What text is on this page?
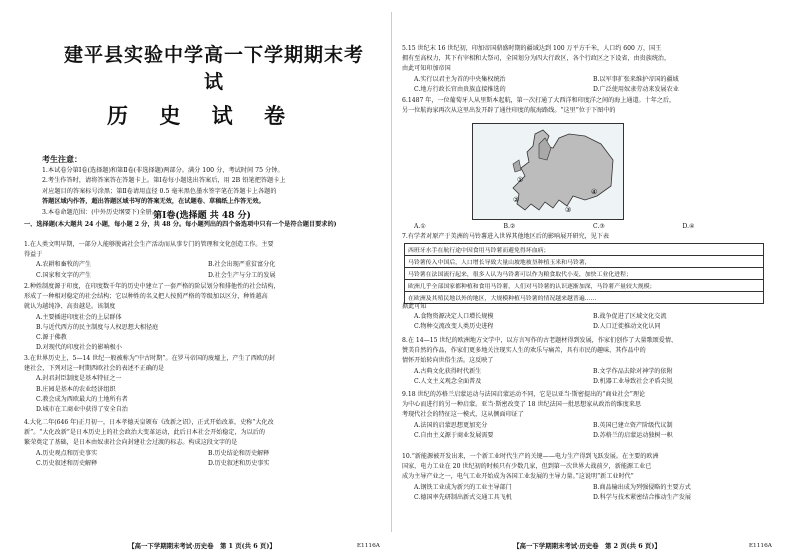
建平县实验中学高一下学期期末考试
历 史 试 卷
考生注意：
1.本试卷分第Ⅰ卷(选择题)和第Ⅱ卷(非选择题)两部分。满分 100 分，考试时间 75 分钟。
2.考生作答时，请将答案答在答题卡上。第Ⅰ卷每小题选出答案后，用 2B 铅笔把答题卡上
对应题目的答案标号涂黑；第Ⅱ卷请用直径 0.5 毫米黑色墨水签字笔在答题卡上各题的
答题区域内作答，超出答题区域书写的答案无效，在试题卷、草稿纸上作答无效。
3.本卷命题范围：(中外历史纲要下)全册。
第Ⅰ卷(选择题 共 48 分)
一、选择题(本大题共 24 小题，每小题 2 分，共 48 分。每小题列出的四个备选项中只有一个是符合题目要求的)
1.在人类文明早期，一部分人能够脱离社会生产活动而从事专门的管理和文化创造工作。主要
得益于
A.农耕和畜牧的产生	B.社会出现严重贫富分化
C.国家和文字的产生	D.社会生产与分工的发展
2.种姓制度源于印度，在印度数千年的历史中建立了一套严格的阶层划分和排他性的社会结构，
形成了一种相对稳定的社会结构；它以种姓的名义把人按照严格的等级加以区分，种姓越高
就认为越纯净、高贵越是。该制度
A.主要插进印度社会的上层群体
B.与近代西方的民主制度与人权思想大相径庭
C.源于佛教
D.对现代的印度社会的影响极小
3.在世界历史上，5—14 世纪一般被称为“中古时期”。在罗马帝国的废墟上，产生了西欧的封
建社会，下列对这一时期西欧社会的表述不正确的是
A.封君封臣制度是基本特征之一
B.庄园是基本的农业经济组织
C.教会成为西欧最大的土地所有者
D.城市在工商业中获得了安全自治
4.大化二年(646 年)正月初一，日本孝德天皇颁布《改新之诏》，正式开始改革，史称“大化改
新”。“大化改新”是日本历史上的社会政治大变革运动，此后日本社会开始稳定，为以后的
繁荣奠定了基础，是日本由奴隶社会向封建社会过渡的标志。构成这段文字的是
A.历史观点和历史事实	B.历史结论和历史解释
C.历史叙述和历史解释	D.历史叙述和历史事实
【高一下学期期末考试·历史卷　第 1 页(共 6 页)】	E1116A
5.15 世纪末 16 世纪初，印加帝国鼎盛时期的疆域达到 100 万平方千米，人口约 600 万，国王
拥有至高权力，其下有宰相和大祭司，全国划分为四大行政区，各个行政区之下设省，由贵族统治，
由此可知印加帝国
A.实行以君主为首的中央集权统治	B.以军事扩张来维护帝国的疆域
C.地方行政长官由贵族直接推选的	D.广泛使用奴隶劳动来发展农业
6.1487 年，一位葡萄牙人从里斯本起航，第一次打通了大西洋和印度洋之间的海上通道。十年之后，
另一位航海家再次从这里出发开辟了通往印度的航海路线。“这里”位于下图中的
①
②
③
④
A.①	B.②	C.③	D.④
7.有学者对原产于美洲的马铃薯进入世界其他地区后的影响展开研究，见下表
西班牙水手在航行途中因食用马铃薯而避免得坏血病；
马铃薯传入中国后，人口增长导致大量山坡地被垦种植玉米和马铃薯，
马铃薯在法国流行起来，很多人认为马铃薯可以作为粮食取代小麦，加快工业化进程；
欧洲几乎全部国家都种植和食用马铃薯，人们对马铃薯的认识逐渐加深，马铃薯产量较大规模；
在欧洲及其殖民地以外的地区，大规模种植马铃薯的情况越来越普遍……
据此可知
A.食物资源决定人口增长规模	B.战争促进了区域文化交流
C.物种交流改变人类历史进程	D.人口迁徙推动文化认同
8.在 14—15 世纪的欧洲地方文学中，以方言写作的古老题材得到发展，作家们创作了大量歌颂爱情、
赞美自然的作品，作家们更多地关注现实人生的欢乐与痛苦，具有市民的趣味，其作品中的
情怀开始转向世俗生活。这反映了
A.古典文化获得时代新生	B.文学作品去除对神学的依附
C.人文主义观念全面普及	D.机器工业导致社会矛盾尖锐
9.18 世纪的苏格兰启蒙运动与法国启蒙运动不同，它是以亚当·斯密提出的“商业社会”理论
为中心而进行的另一种启蒙。亚当·斯密改变了 18 世纪法国一批思想家从政治的维度来思
考现代社会的特征这一模式，这从侧面印证了
A.法国的启蒙思想更加充分	B.英国已建立资产阶级代议制
C.自由主义源于商业发展需要	D.苏格兰的启蒙运动独树一帜
10.“新能源被开发出来，一个新工业时代生产的关键——电力生产得到飞跃发展。在主要的欧洲
国家，电力工业在 20 世纪初的时候只有少数几家，但到第一次世界大战前夕，新能源工业已
成为主导产业之一，电气工业开始成为各国工业发展的主导力量。”这说明“新工业时代”
A.钢铁工业成为新兴的工业主导部门	B.商品输出成为列强侵略的主要方式
C.德国率先研制出新式交通工具飞机	D.科学与技术紧密结合推动生产发展
【高一下学期期末考试·历史卷　第 2 页(共 6 页)】	E1116A
